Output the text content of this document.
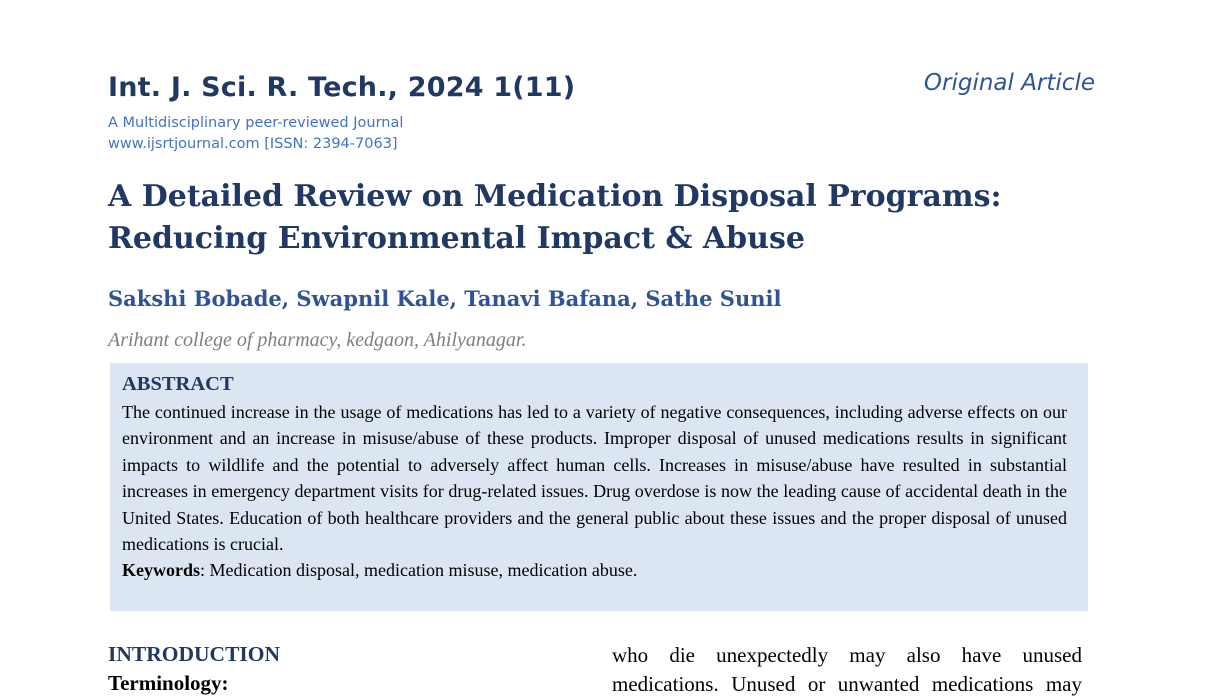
Int. J. Sci. R. Tech., 2024 1(11)	Original Article
A Multidisciplinary peer-reviewed Journal
www.ijsrtjournal.com [ISSN: 2394-7063]
A Detailed Review on Medication Disposal Programs:
Reducing Environmental Impact & Abuse
Sakshi Bobade, Swapnil Kale, Tanavi Bafana, Sathe Sunil
Arihant college of pharmacy, kedgaon, Ahilyanagar.
ABSTRACT

The continued increase in the usage of medications has led to a variety of negative consequences, including adverse effects on our environment and an increase in misuse/abuse of these products. Improper disposal of unused medications results in significant impacts to wildlife and the potential to adversely affect human cells. Increases in misuse/abuse have resulted in substantial increases in emergency department visits for drug-related issues. Drug overdose is now the leading cause of accidental death in the United States. Education of both healthcare providers and the general public about these issues and the proper disposal of unused medications is crucial.

Keywords: Medication disposal, medication misuse, medication abuse.

INTRODUCTION
Terminology:
who die unexpectedly may also have unused
medications. Unused or unwanted medications may
